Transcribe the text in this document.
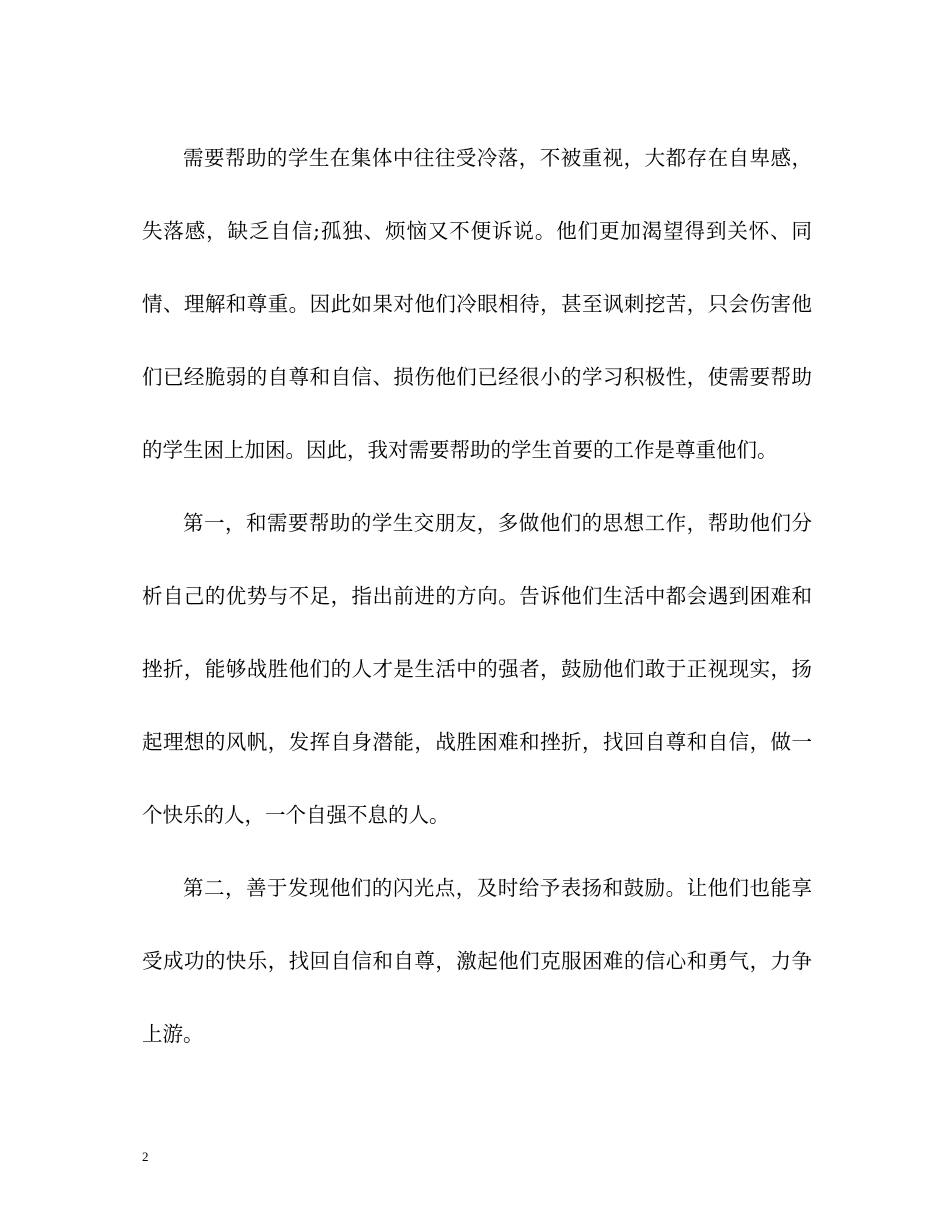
需要帮助的学生在集体中往往受冷落，不被重视，大都存在自卑感，失落感，缺乏自信;孤独、烦恼又不便诉说。他们更加渴望得到关怀、同情、理解和尊重。因此如果对他们冷眼相待，甚至讽刺挖苦，只会伤害他们已经脆弱的自尊和自信、损伤他们已经很小的学习积极性，使需要帮助的学生困上加困。因此，我对需要帮助的学生首要的工作是尊重他们。

第一，和需要帮助的学生交朋友，多做他们的思想工作，帮助他们分析自己的优势与不足，指出前进的方向。告诉他们生活中都会遇到困难和挫折，能够战胜他们的人才是生活中的强者，鼓励他们敢于正视现实，扬起理想的风帆，发挥自身潜能，战胜困难和挫折，找回自尊和自信，做一个快乐的人，一个自强不息的人。

第二，善于发现他们的闪光点，及时给予表扬和鼓励。让他们也能享受成功的快乐，找回自信和自尊，激起他们克服困难的信心和勇气，力争上游。

2
